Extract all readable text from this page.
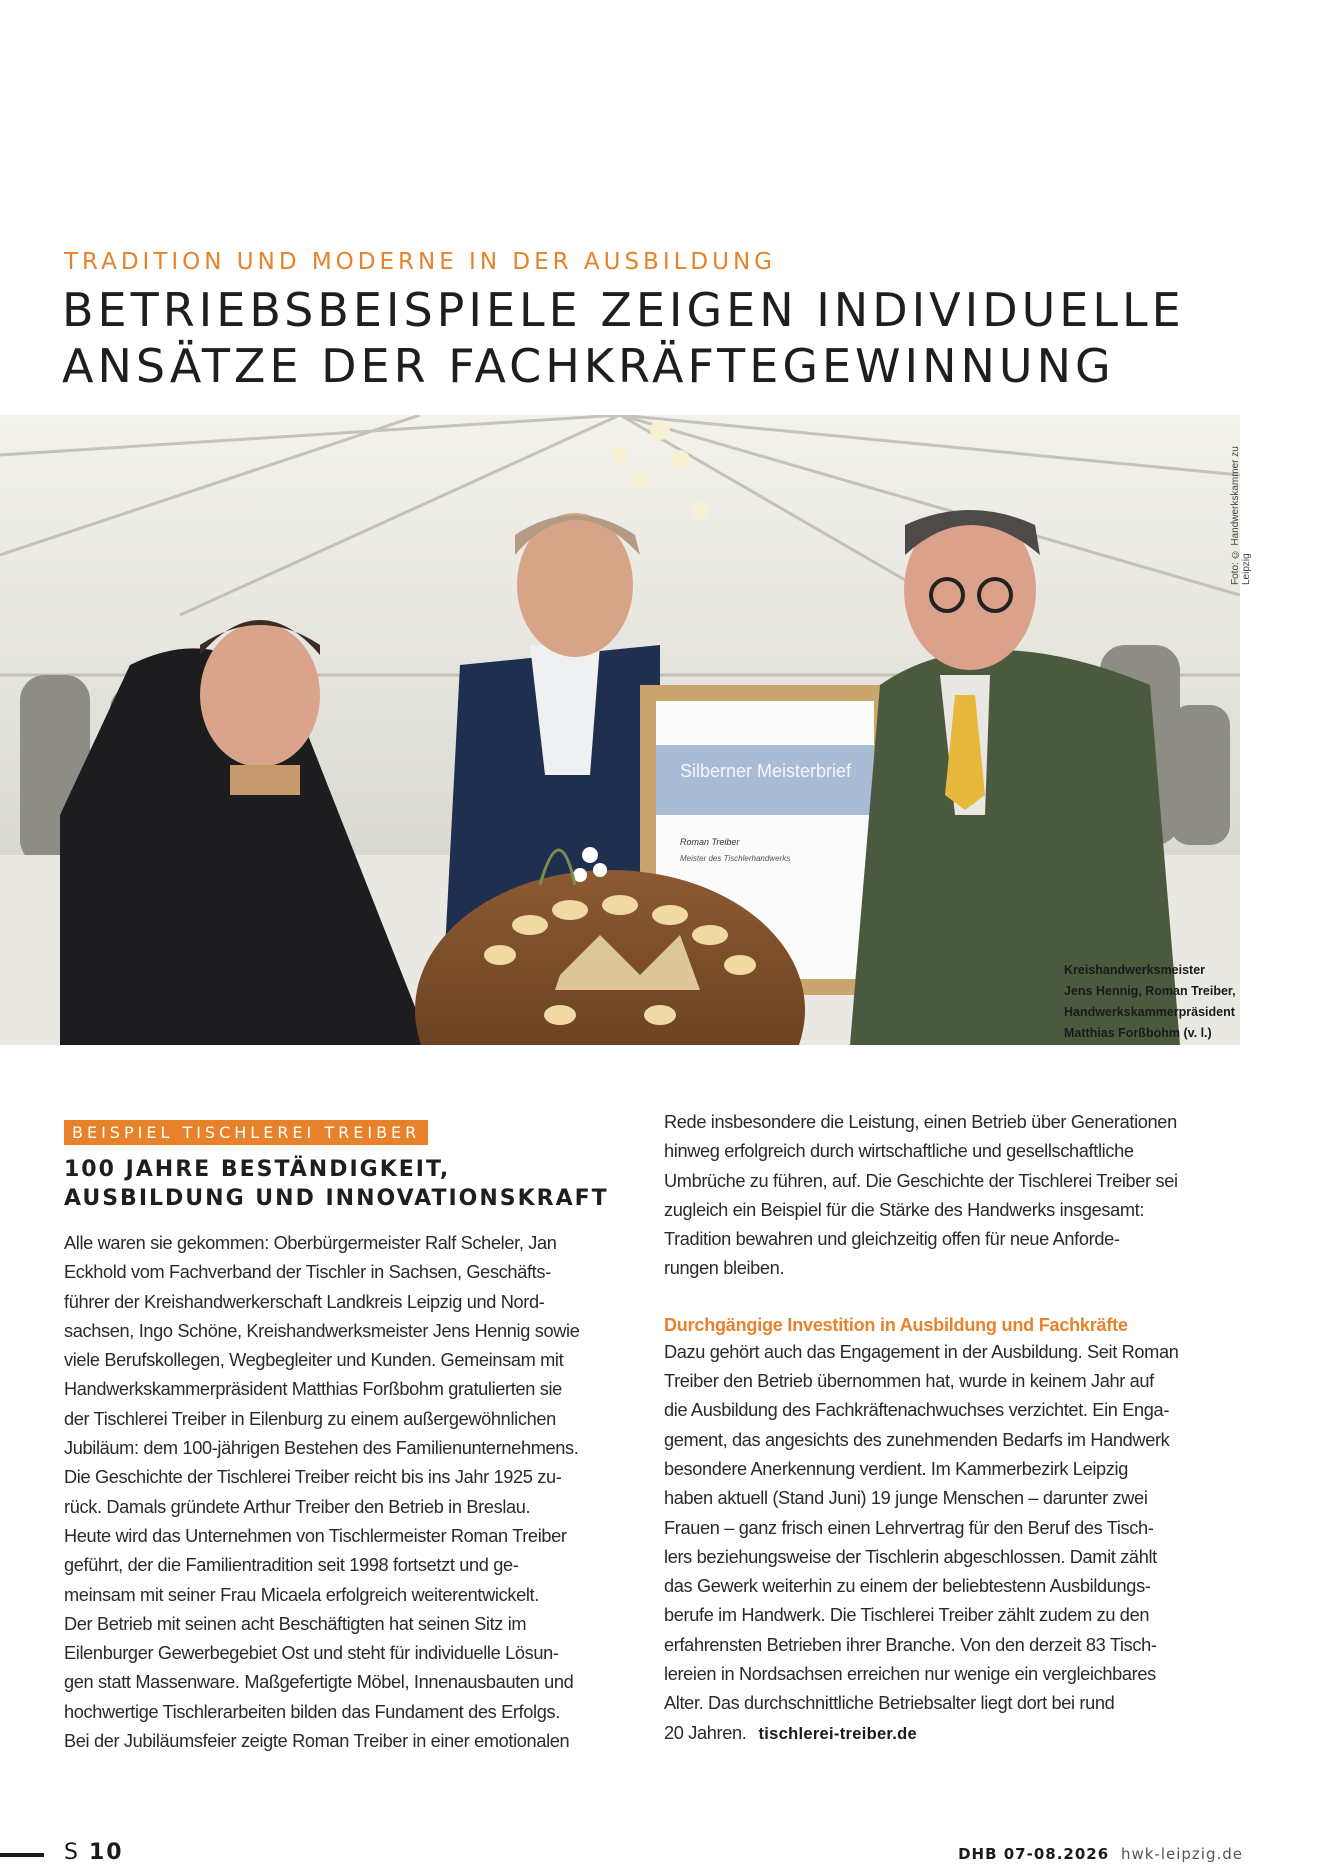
TRADITION UND MODERNE IN DER AUSBILDUNG
BETRIEBSBEISPIELE ZEIGEN INDIVIDUELLE
ANSÄTZE DER FACHKRÄFTEGEWINNUNG
Silberner Meisterbrief
Roman Treiber
Meister des Tischlerhandwerks
Foto: © Handwerkskammer zu Leipzig
Kreishandwerksmeister
Jens Hennig, Roman Treiber,
Handwerkskammerpräsident
Matthias Forßbohm (v. l.)
BEISPIEL TISCHLEREI TREIBER
100 JAHRE BESTÄNDIGKEIT,
AUSBILDUNG UND INNOVATIONSKRAFT

Alle waren sie gekommen: Oberbürgermeister Ralf Scheler, Jan
Eckhold vom Fachverband der Tischler in Sachsen, Geschäfts-
führer der Kreishandwerkerschaft Landkreis Leipzig und Nord-
sachsen, Ingo Schöne, Kreishandwerksmeister Jens Hennig sowie
viele Berufskollegen, Wegbegleiter und Kunden. Gemeinsam mit
Handwerkskammerpräsident Matthias Forßbohm gratulierten sie
der Tischlerei Treiber in Eilenburg zu einem außergewöhnlichen
Jubiläum: dem 100-jährigen Bestehen des Familienunternehmens.
Die Geschichte der Tischlerei Treiber reicht bis ins Jahr 1925 zu-
rück. Damals gründete Arthur Treiber den Betrieb in Breslau.
Heute wird das Unternehmen von Tischlermeister Roman Treiber
geführt, der die Familientradition seit 1998 fortsetzt und ge-
meinsam mit seiner Frau Micaela erfolgreich weiterentwickelt.
Der Betrieb mit seinen acht Beschäftigten hat seinen Sitz im
Eilenburger Gewerbegebiet Ost und steht für individuelle Lösun-
gen statt Massenware. Maßgefertigte Möbel, Innenausbauten und
hochwertige Tischlerarbeiten bilden das Fundament des Erfolgs.
Bei der Jubiläumsfeier zeigte Roman Treiber in einer emotionalen

Rede insbesondere die Leistung, einen Betrieb über Generationen
hinweg erfolgreich durch wirtschaftliche und gesellschaftliche
Umbrüche zu führen, auf. Die Geschichte der Tischlerei Treiber sei
zugleich ein Beispiel für die Stärke des Handwerks insgesamt:
Tradition bewahren und gleichzeitig offen für neue Anforde-
rungen bleiben.

Durchgängige Investition in Ausbildung und Fachkräfte

Dazu gehört auch das Engagement in der Ausbildung. Seit Roman
Treiber den Betrieb übernommen hat, wurde in keinem Jahr auf
die Ausbildung des Fachkräftenachwuchses verzichtet. Ein Enga-
gement, das angesichts des zunehmenden Bedarfs im Handwerk
besondere Anerkennung verdient. Im Kammerbezirk Leipzig
haben aktuell (Stand Juni) 19 junge Menschen – darunter zwei
Frauen – ganz frisch einen Lehrvertrag für den Beruf des Tisch-
lers beziehungsweise der Tischlerin abgeschlossen. Damit zählt
das Gewerk weiterhin zu einem der beliebtestenn Ausbildungs-
berufe im Handwerk. Die Tischlerei Treiber zählt zudem zu den
erfahrensten Betrieben ihrer Branche. Von den derzeit 83 Tisch-
lereien in Nordsachsen erreichen nur wenige ein vergleichbares
Alter. Das durchschnittliche Betriebsalter liegt dort bei rund
20 Jahren. tischlerei-treiber.de

S 10	DHB 07-08.2026 hwk-leipzig.de
